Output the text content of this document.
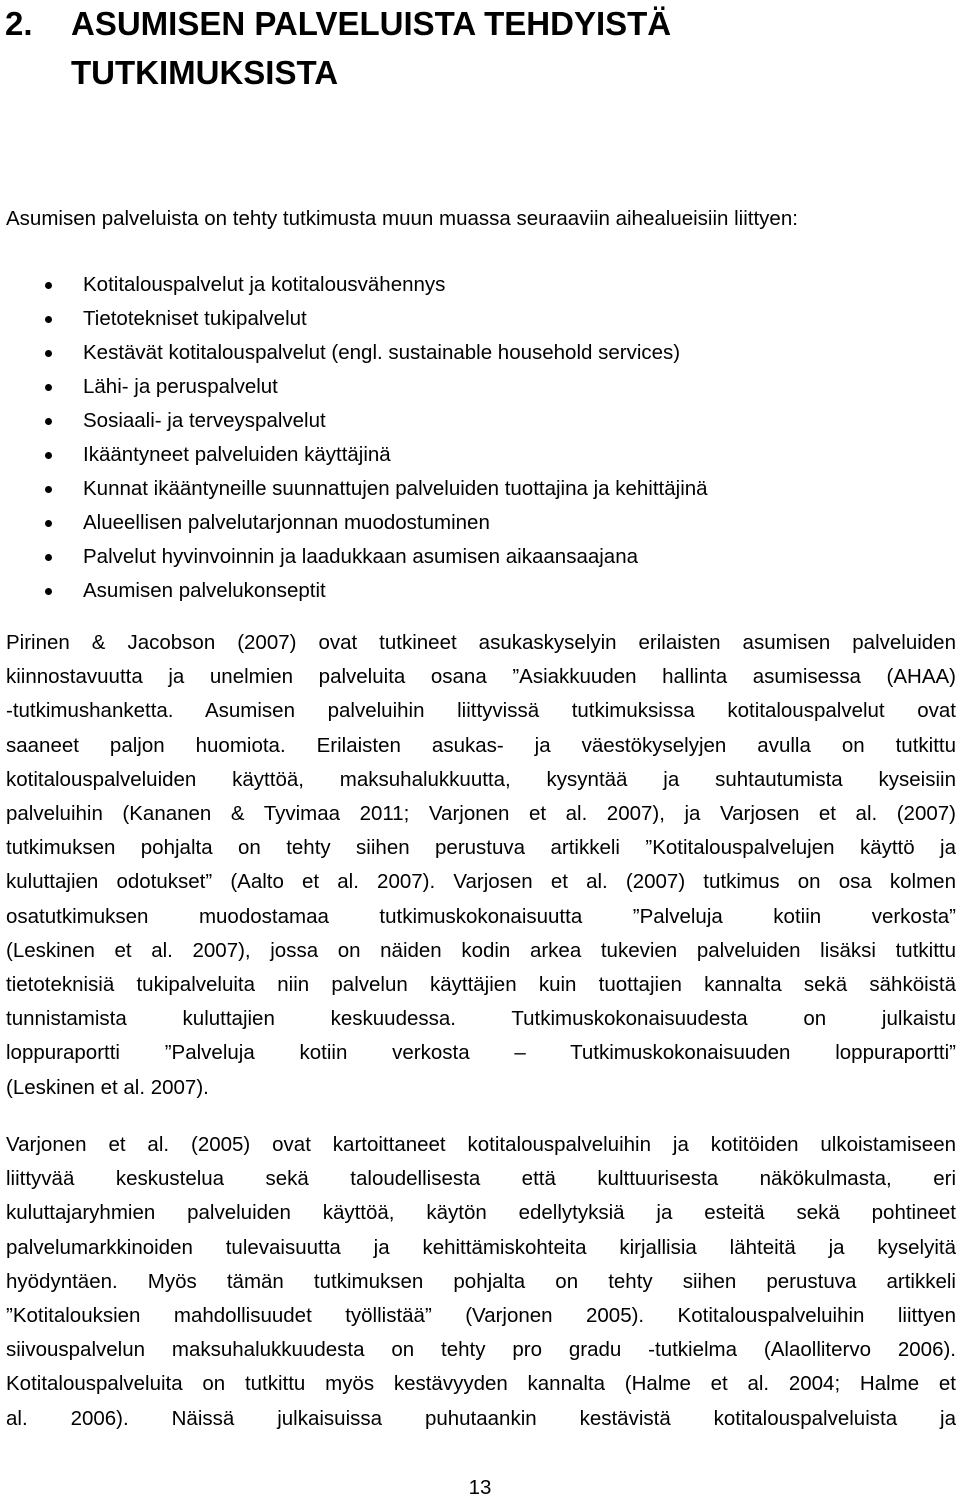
2. ASUMISEN PALVELUISTA TEHDYISTÄ
TUTKIMUKSISTA

Asumisen palveluista on tehty tutkimusta muun muassa seuraaviin aihealueisiin liittyen:

Kotitalouspalvelut ja kotitalousvähennys
Tietotekniset tukipalvelut
Kestävät kotitalouspalvelut (engl. sustainable household services)
Lähi- ja peruspalvelut
Sosiaali- ja terveyspalvelut
Ikääntyneet palveluiden käyttäjinä
Kunnat ikääntyneille suunnattujen palveluiden tuottajina ja kehittäjinä
Alueellisen palvelutarjonnan muodostuminen
Palvelut hyvinvoinnin ja laadukkaan asumisen aikaansaajana
Asumisen palvelukonseptit
Pirinen & Jacobson (2007) ovat tutkineet asukaskyselyin erilaisten asumisen palveluiden
kiinnostavuutta ja unelmien palveluita osana ”Asiakkuuden hallinta asumisessa (AHAA)
-tutkimushanketta. Asumisen palveluihin liittyvissä tutkimuksissa kotitalouspalvelut ovat
saaneet paljon huomiota. Erilaisten asukas- ja väestökyselyjen avulla on tutkittu
kotitalouspalveluiden käyttöä, maksuhalukkuutta, kysyntää ja suhtautumista kyseisiin
palveluihin (Kananen & Tyvimaa 2011; Varjonen et al. 2007), ja Varjosen et al. (2007)
tutkimuksen pohjalta on tehty siihen perustuva artikkeli ”Kotitalouspalvelujen käyttö ja
kuluttajien odotukset” (Aalto et al. 2007). Varjosen et al. (2007) tutkimus on osa kolmen
osatutkimuksen muodostamaa tutkimuskokonaisuutta ”Palveluja kotiin verkosta”
(Leskinen et al. 2007), jossa on näiden kodin arkea tukevien palveluiden lisäksi tutkittu
tietoteknisiä tukipalveluita niin palvelun käyttäjien kuin tuottajien kannalta sekä sähköistä
tunnistamista kuluttajien keskuudessa. Tutkimuskokonaisuudesta on julkaistu
loppuraportti ”Palveluja kotiin verkosta – Tutkimuskokonaisuuden loppuraportti”
(Leskinen et al. 2007).
Varjonen et al. (2005) ovat kartoittaneet kotitalouspalveluihin ja kotitöiden ulkoistamiseen
liittyvää keskustelua sekä taloudellisesta että kulttuurisesta näkökulmasta, eri
kuluttajaryhmien palveluiden käyttöä, käytön edellytyksiä ja esteitä sekä pohtineet
palvelumarkkinoiden tulevaisuutta ja kehittämiskohteita kirjallisia lähteitä ja kyselyitä
hyödyntäen. Myös tämän tutkimuksen pohjalta on tehty siihen perustuva artikkeli
”Kotitalouksien mahdollisuudet työllistää” (Varjonen 2005). Kotitalouspalveluihin liittyen
siivouspalvelun maksuhalukkuudesta on tehty pro gradu -tutkielma (Alaollitervo 2006).
Kotitalouspalveluita on tutkittu myös kestävyyden kannalta (Halme et al. 2004; Halme et
al. 2006). Näissä julkaisuissa puhutaankin kestävistä kotitalouspalveluista ja
13
